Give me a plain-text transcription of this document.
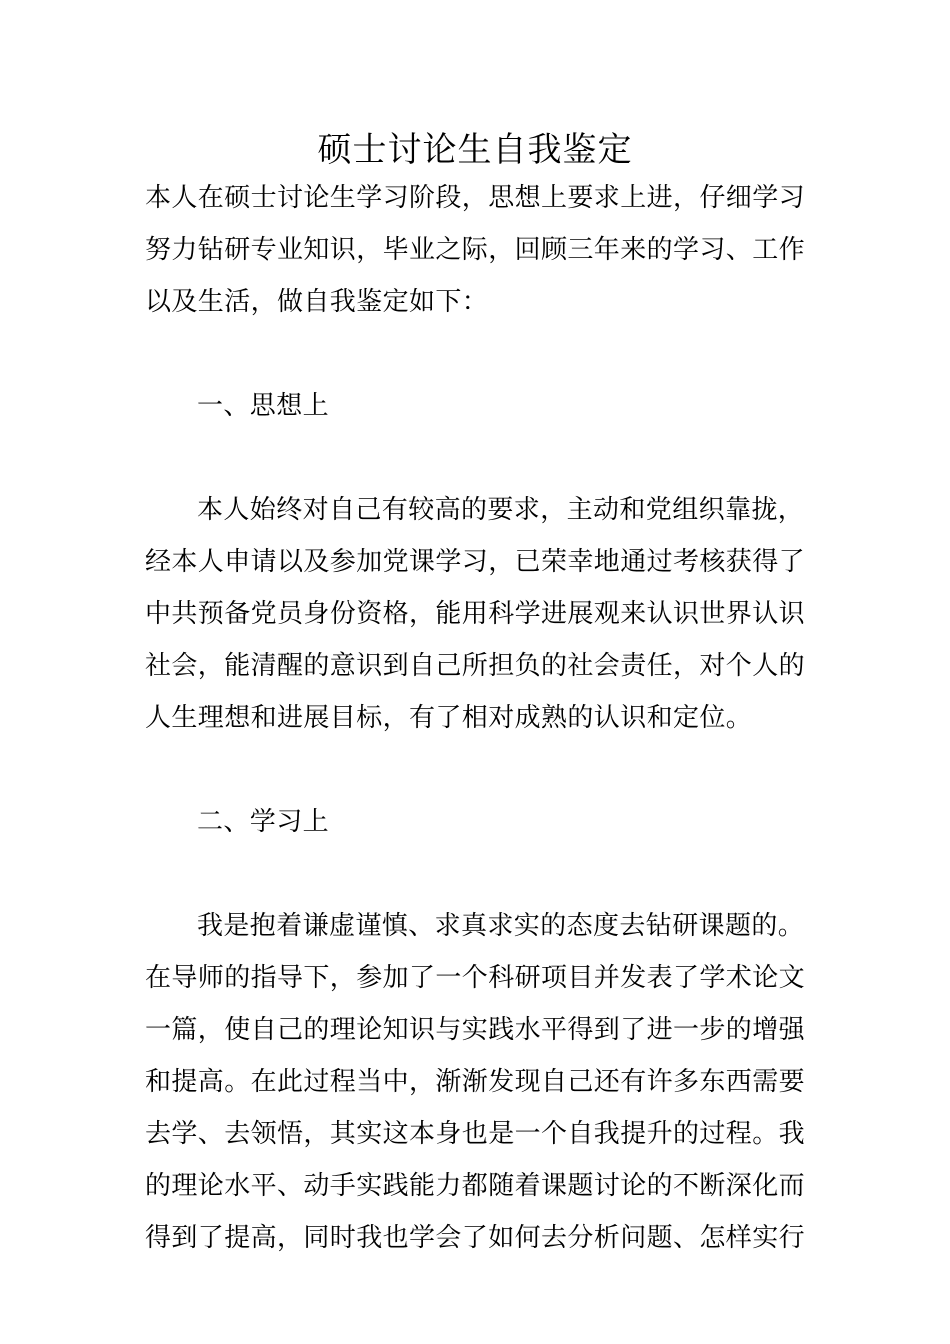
硕士讨论生自我鉴定
本人在硕士讨论生学习阶段，思想上要求上进，仔细学习
努力钻研专业知识，毕业之际，回顾三年来的学习、工作
以及生活，做自我鉴定如下：
一、思想上
本人始终对自己有较高的要求，主动和党组织靠拢，
经本人申请以及参加党课学习，已荣幸地通过考核获得了
中共预备党员身份资格，能用科学进展观来认识世界认识
社会，能清醒的意识到自己所担负的社会责任，对个人的
人生理想和进展目标，有了相对成熟的认识和定位。
二、学习上
我是抱着谦虚谨慎、求真求实的态度去钻研课题的。
在导师的指导下，参加了一个科研项目并发表了学术论文
一篇，使自己的理论知识与实践水平得到了进一步的增强
和提高。在此过程当中，渐渐发现自己还有许多东西需要
去学、去领悟，其实这本身也是一个自我提升的过程。我
的理论水平、动手实践能力都随着课题讨论的不断深化而
得到了提高，同时我也学会了如何去分析问题、怎样实行
